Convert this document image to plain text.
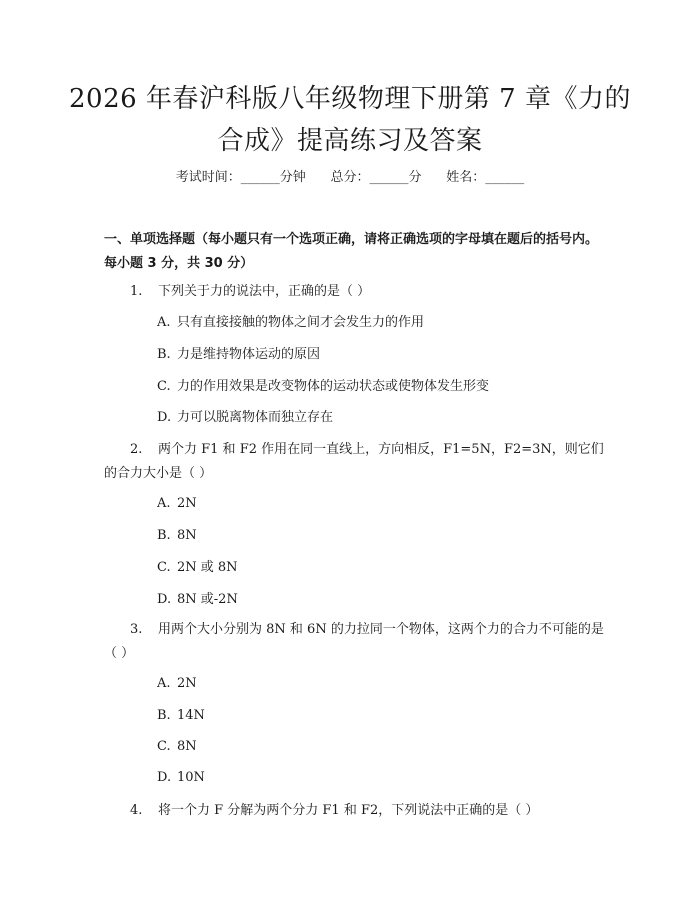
2026 年春沪科版八年级物理下册第 7 章《力的合成》提高练习及答案
考试时间：______分钟      总分：______分      姓名：______
一、单项选择题（每小题只有一个选项正确，请将正确选项的字母填在题后的括号内。每小题 3 分，共 30 分）
1. 下列关于力的说法中，正确的是（ ）
A. 只有直接接触的物体之间才会发生力的作用
B. 力是维持物体运动的原因
C. 力的作用效果是改变物体的运动状态或使物体发生形变
D. 力可以脱离物体而独立存在
2. 两个力 F1 和 F2 作用在同一直线上，方向相反，F1=5N，F2=3N，则它们的合力大小是（ ）
A. 2N
B. 8N
C. 2N 或 8N
D. 8N 或-2N
3. 用两个大小分别为 8N 和 6N 的力拉同一个物体，这两个力的合力不可能的是（ ）
A. 2N
B. 14N
C. 8N
D. 10N
4. 将一个力 F 分解为两个分力 F1 和 F2，下列说法中正确的是（ ）
